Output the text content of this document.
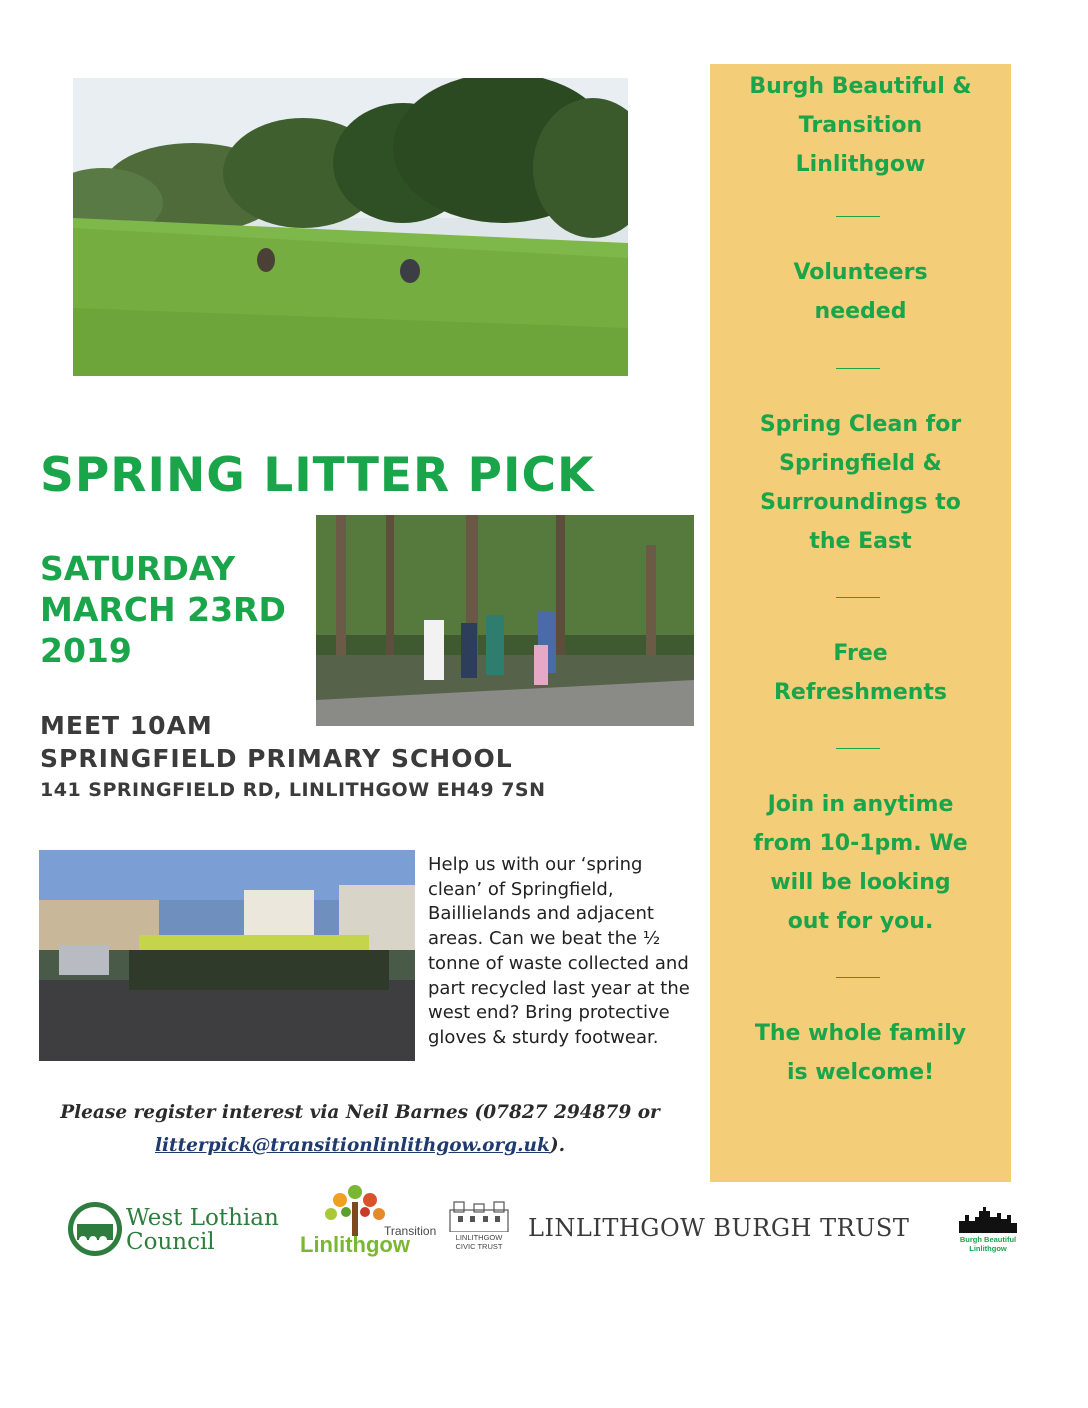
SPRING LITTER PICK
SATURDAY
MARCH 23RD
2019
MEET 10AM
SPRINGFIELD PRIMARY SCHOOL
141 SPRINGFIELD RD, LINLITHGOW EH49 7SN
Help us with our ‘spring clean’ of Springfield, Baillielands and adjacent areas. Can we beat the ½ tonne of waste collected and part recycled last year at the west end? Bring protective gloves & sturdy footwear.
Please register interest via Neil Barnes (07827 294879 or
litterpick@transitionlinlithgow.org.uk).
Burgh Beautiful &
Transition
Linlithgow
Volunteers
needed
Spring Clean for
Springfield &
Surroundings to
the East
Free
Refreshments
Join in anytime
from 10-1pm. We
will be looking
out for you.
The whole family
is welcome!
West Lothian
Council	Transition
Linlithgow	LINLITHGOW
CIVIC TRUST
LINLITHGOW BURGH TRUST	Burgh Beautiful
Linlithgow
